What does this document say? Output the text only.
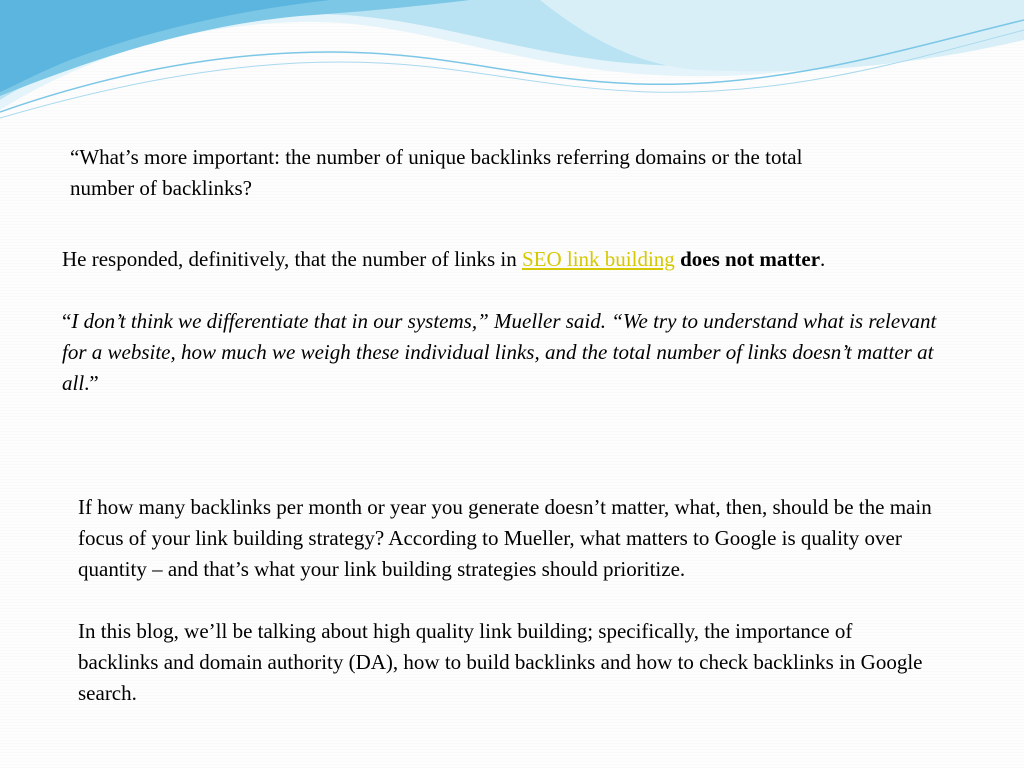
“What’s more important: the number of unique backlinks referring domains or the total number of backlinks?

He responded, definitively, that the number of links in SEO link building does not matter.

“I don’t think we differentiate that in our systems,” Mueller said. “We try to understand what is relevant for a website, how much we weigh these individual links, and the total number of links doesn’t matter at all.”

If how many backlinks per month or year you generate doesn’t matter, what, then, should be the main focus of your link building strategy? According to Mueller, what matters to Google is quality over quantity – and that’s what your link building strategies should prioritize.

In this blog, we’ll be talking about high quality link building; specifically, the importance of backlinks and domain authority (DA), how to build backlinks and how to check backlinks in Google search.
